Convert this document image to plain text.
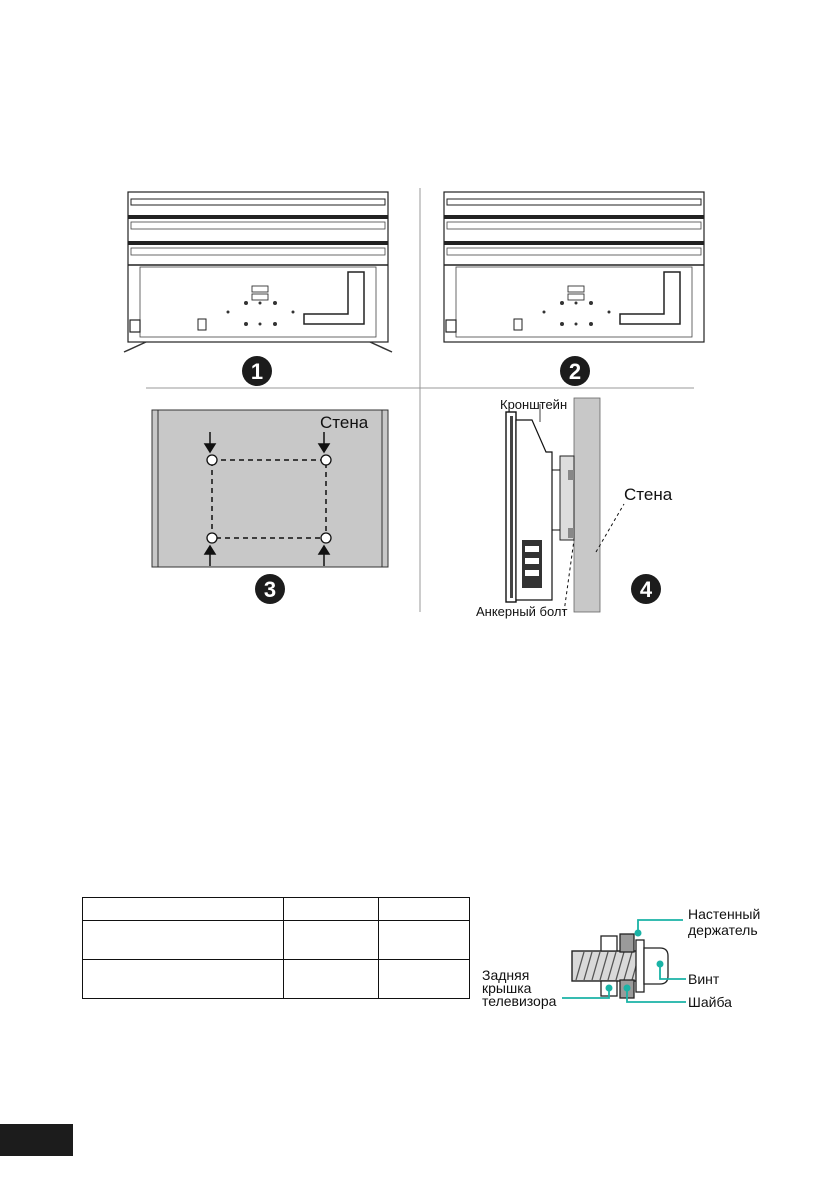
1	2
3	4
Стена
Кронштейн
Стена
Анкерный болт

Настенный
держатель
Винт
Шайба
Задняя
крышка
телевизора
